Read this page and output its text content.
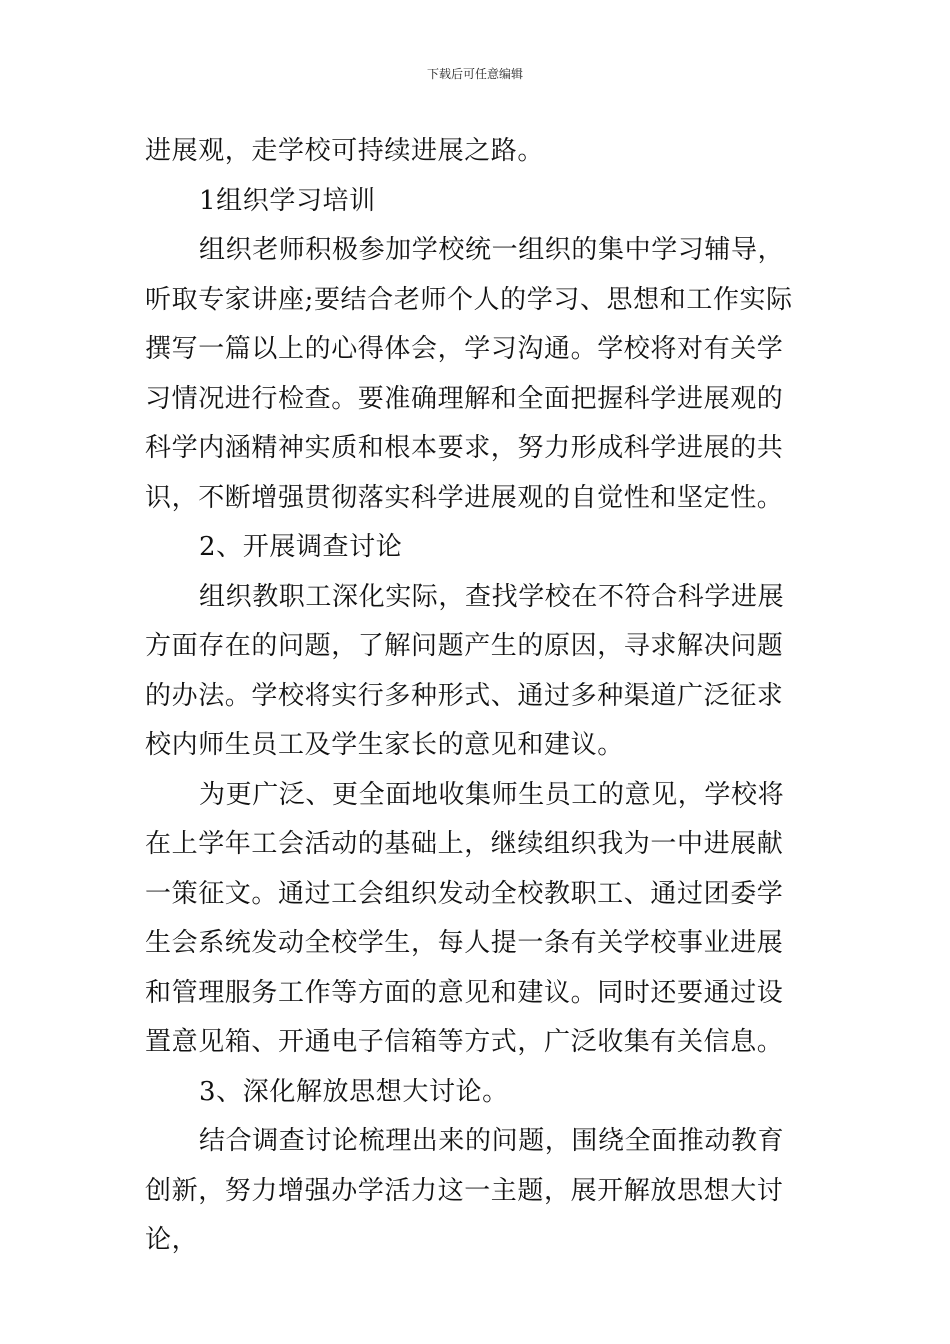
下载后可任意编辑

进展观，走学校可持续进展之路。

1组织学习培训

组织老师积极参加学校统一组织的集中学习辅导，听取专家讲座;要结合老师个人的学习、思想和工作实际撰写一篇以上的心得体会，学习沟通。学校将对有关学习情况进行检查。要准确理解和全面把握科学进展观的科学内涵精神实质和根本要求，努力形成科学进展的共识，不断增强贯彻落实科学进展观的自觉性和坚定性。

2、开展调查讨论

组织教职工深化实际，查找学校在不符合科学进展方面存在的问题，了解问题产生的原因，寻求解决问题的办法。学校将实行多种形式、通过多种渠道广泛征求校内师生员工及学生家长的意见和建议。

为更广泛、更全面地收集师生员工的意见，学校将在上学年工会活动的基础上，继续组织我为一中进展献一策征文。通过工会组织发动全校教职工、通过团委学生会系统发动全校学生，每人提一条有关学校事业进展和管理服务工作等方面的意见和建议。同时还要通过设置意见箱、开通电子信箱等方式，广泛收集有关信息。

3、深化解放思想大讨论。

结合调查讨论梳理出来的问题，围绕全面推动教育创新，努力增强办学活力这一主题，展开解放思想大讨论，
